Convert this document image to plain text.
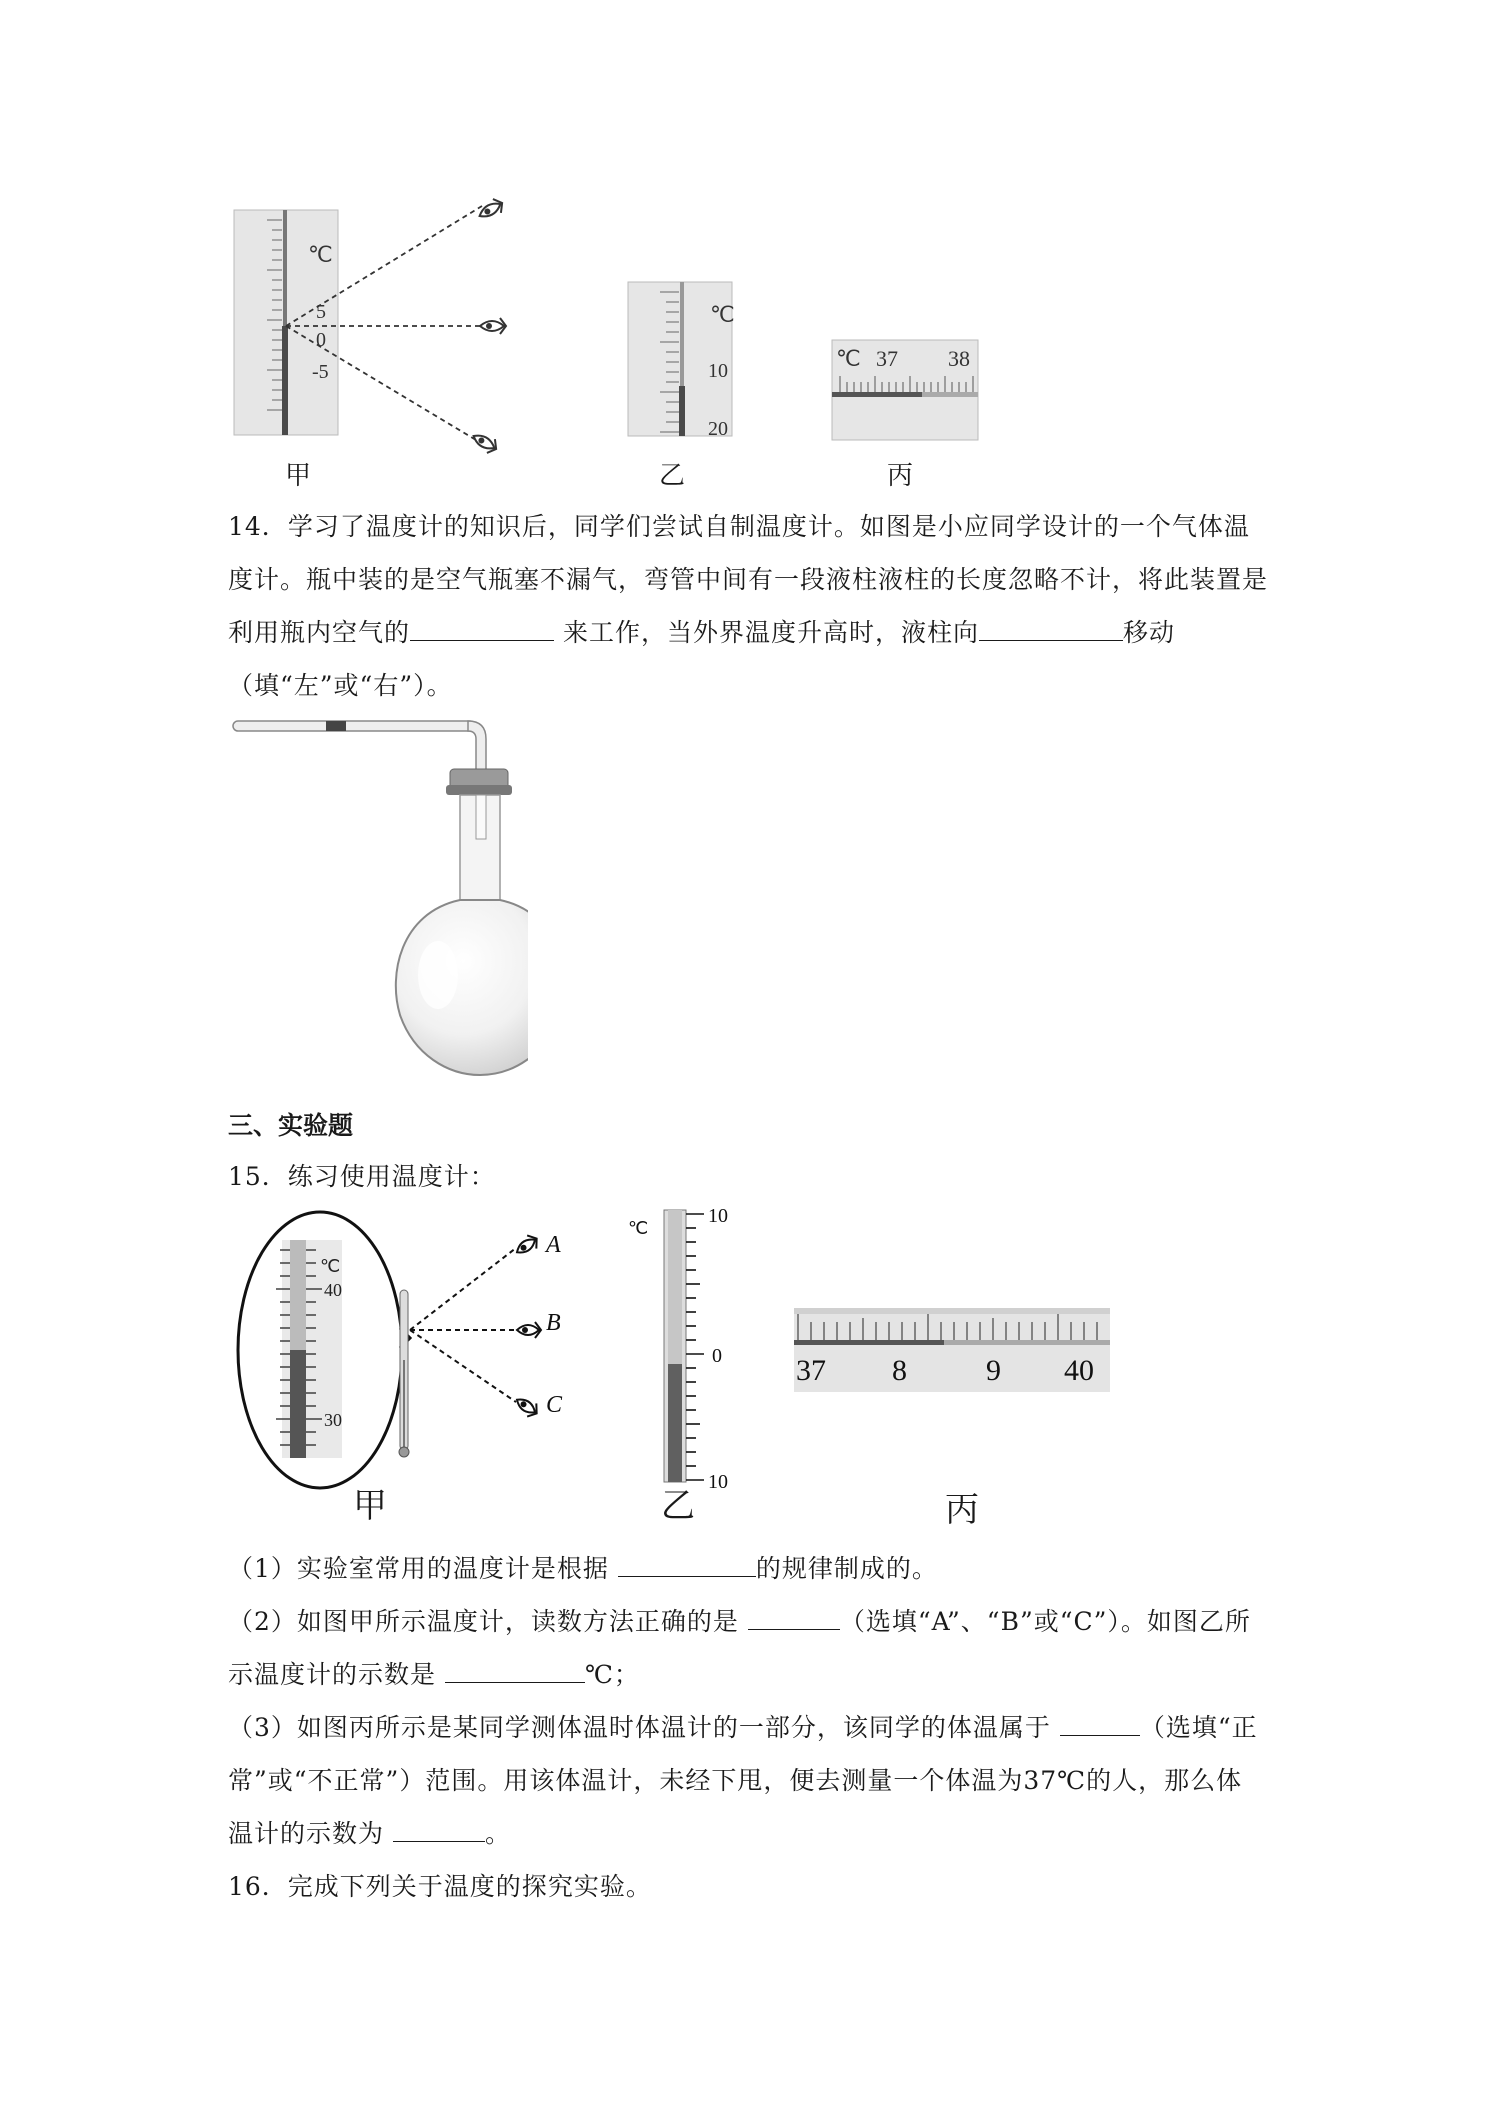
℃
5
0
-5
℃
10
20
℃ 37 38
甲	乙	丙

14．学习了温度计的知识后，同学们尝试自制温度计。如图是小应同学设计的一个气体温度计。瓶中装的是空气瓶塞不漏气，弯管中间有一段液柱液柱的长度忽略不计，将此装置是利用瓶内空气的	来工作，当外界温度升高时，液柱向	移动（填“左”或“右”）。

三、实验题

15．练习使用温度计：

℃
40
30
A
B
C
℃
10
0
10
37 8	9 40
甲	乙	丙

（1）实验室常用的温度计是根据	的规律制成的。

（2）如图甲所示温度计，读数方法正确的是	（选填“A”、“B”或“C”）。如图乙所示温度计的示数是	℃；

（3）如图丙所示是某同学测体温时体温计的一部分，该同学的体温属于	（选填“正常”或“不正常”）范围。用该体温计，未经下甩，便去测量一个体温为37℃的人，那么体温计的示数为	。

16．完成下列关于温度的探究实验。
